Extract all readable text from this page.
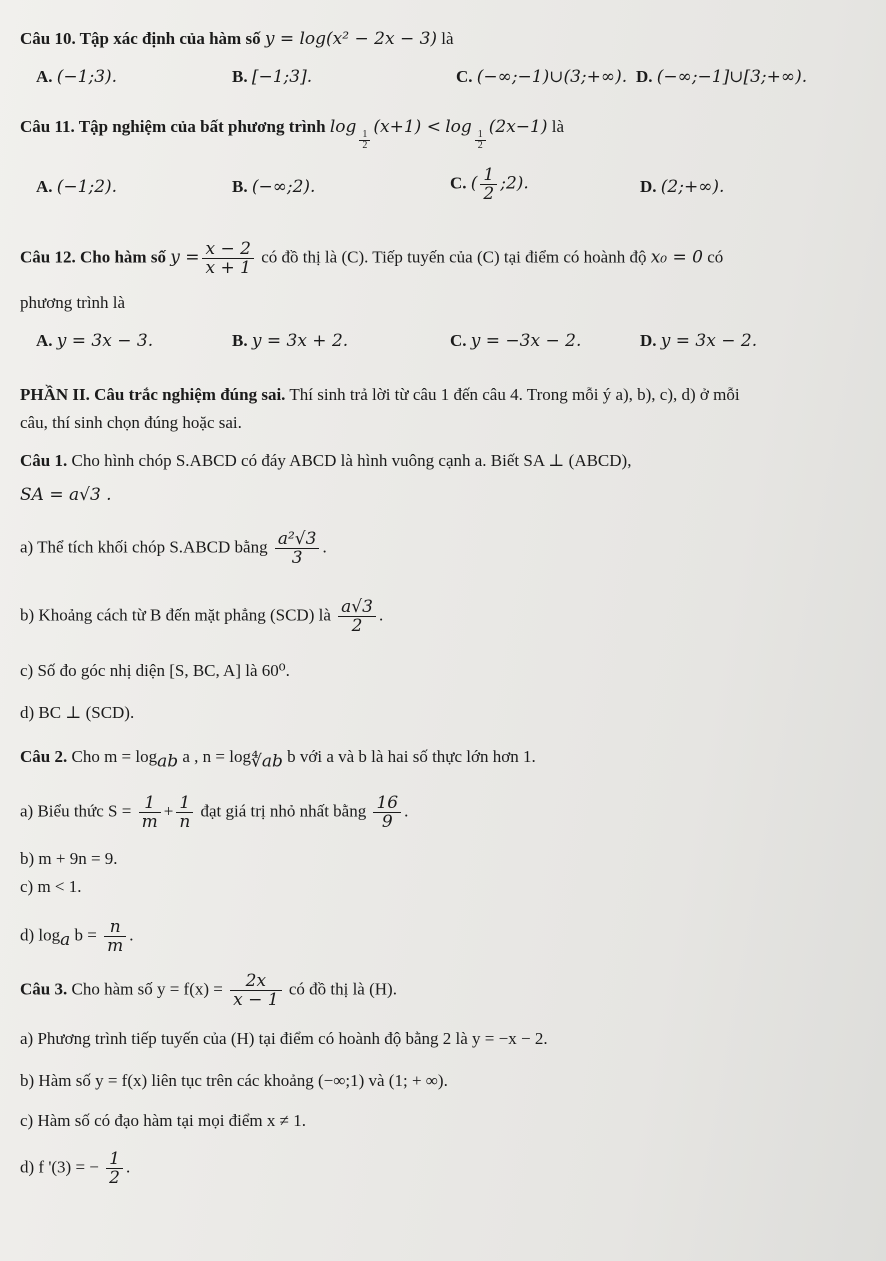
Câu 10. Tập xác định của hàm số y = log(x² − 2x − 3) là
A. (−1;3).	B. [−1;3].	C. (−∞;−1)∪(3;+∞). D. (−∞;−1]∪[3;+∞).
Câu 11. Tập nghiệm của bất phương trình log
$\frac{1}{2}$
(x+1) < log
$\frac{1}{2}$
(2x−1) là
A. (−1;2).	B. (−∞;2).	C. ( $\frac{1}{2}$ ;2).	D. (2;+∞).
Câu 12. Cho hàm số $y = \frac{x - 2}{x + 1}$ có đồ thị là (C). Tiếp tuyến của (C) tại điểm có hoành độ x₀ = 0 có
phương trình là
A. y = 3x − 3.	B. y = 3x + 2.	C. y = −3x − 2.	D. y = 3x − 2.
PHẦN II. Câu trắc nghiệm đúng sai. Thí sinh trả lời từ câu 1 đến câu 4. Trong mỗi ý a), b), c), d) ở mỗi
câu, thí sinh chọn đúng hoặc sai.
Câu 1. Cho hình chóp S.ABCD có đáy ABCD là hình vuông cạnh a. Biết SA ⊥ (ABCD),
SA = a√3 .
a) Thể tích khối chóp S.ABCD bằng $\frac{\text{a²√3}}{3}$ .
b) Khoảng cách từ B đến mặt phẳng (SCD) là $\frac{a√3}{2}$ .
c) Số đo góc nhị diện [S, BC, A] là 60⁰.
d) BC ⊥ (SCD).
Câu 2. Cho $m = \log_{ab} a$ , $n = \log_{∜ab} b$ với a và b là hai số thực lớn hơn 1.
a) Biểu thức $S = \frac{1}{m} + \frac{1}{n}$ đạt giá trị nhỏ nhất bằng $\frac{16}{9}$ .
b) m + 9n = 9.
c) m < 1.
d) $\log_a b = \frac{n}{m}$ .
Câu 3. Cho hàm số $y = f(x) = \frac{2x}{x - 1}$ có đồ thị là (H).
a) Phương trình tiếp tuyến của (H) tại điểm có hoành độ bằng 2 là y = −x − 2.
b) Hàm số y = f(x) liên tục trên các khoảng (−∞;1) và (1; + ∞).
c) Hàm số có đạo hàm tại mọi điểm x ≠ 1.
d) f '(3) = − $\frac{1}{2}$ .
